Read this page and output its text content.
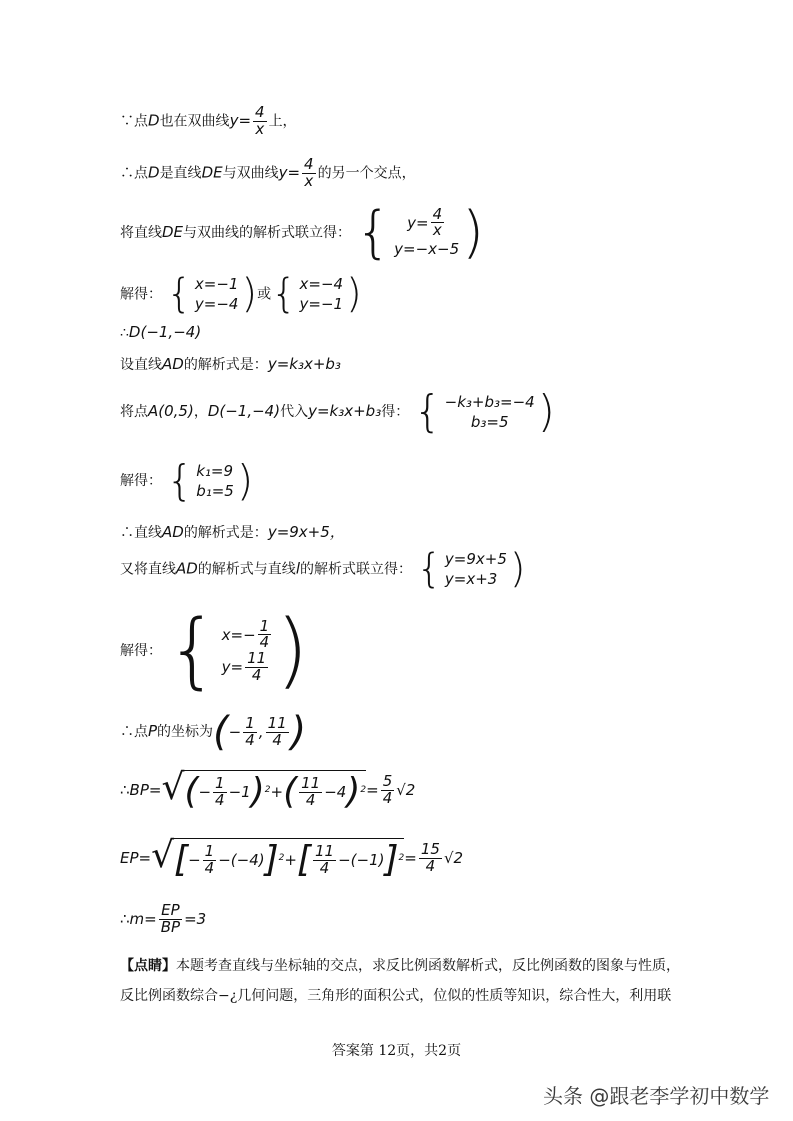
∵点D也在双曲线$y= \frac{4}{x}$ 上，
∴点D是直线DE与双曲线$y= \frac{4}{x}$ 的另一个交点，
将直线DE与双曲线的解析式联立得： {	$y= \frac{4}{x}$
y=−x−5 )
解得： { x=−1
y=−4 ) 或 { x=−4
y=−1 )
∴D(−1,−4)
设直线AD的解析式是：y=k₃x+b₃
将点A(0,5)，D(−1,−4)代入y=k₃x+b₃得： { −k₃+b₃=−4
b₃=5 )
解得： { k₁=9
b₁=5 )
∴直线AD的解析式是：y=9x+5，
又将直线AD的解析式与直线l的解析式联立得： { y=9x+5
y=x+3 )
解得： { $x=- \frac{1}{4}$
$y= \frac{11}{4}$ )
∴点P的坐标为 ( − $\frac{1}{4}$ , $\frac{11}{4}$ )
∴BP= √ ( − $\frac{1}{4} -1$ )$^2$ + ( $\frac{11}{4} -4$ )$^2 = \frac{5}{4}$ √ 2
EP= √ [ − $\frac{1}{4} -(-4) ]^2$ + [ $\frac{11}{4} -(-1) ]^2 = \frac{15}{4}$ √ 2
∴m= $\frac{EP}{BP} =3$
【点睛】本题考查直线与坐标轴的交点，求反比例函数解析式，反比例函数的图象与性质，
反比例函数综合−¿几何问题，三角形的面积公式，位似的性质等知识，综合性大，利用联
答案第 12页，共2页
头条 @跟老李学初中数学
